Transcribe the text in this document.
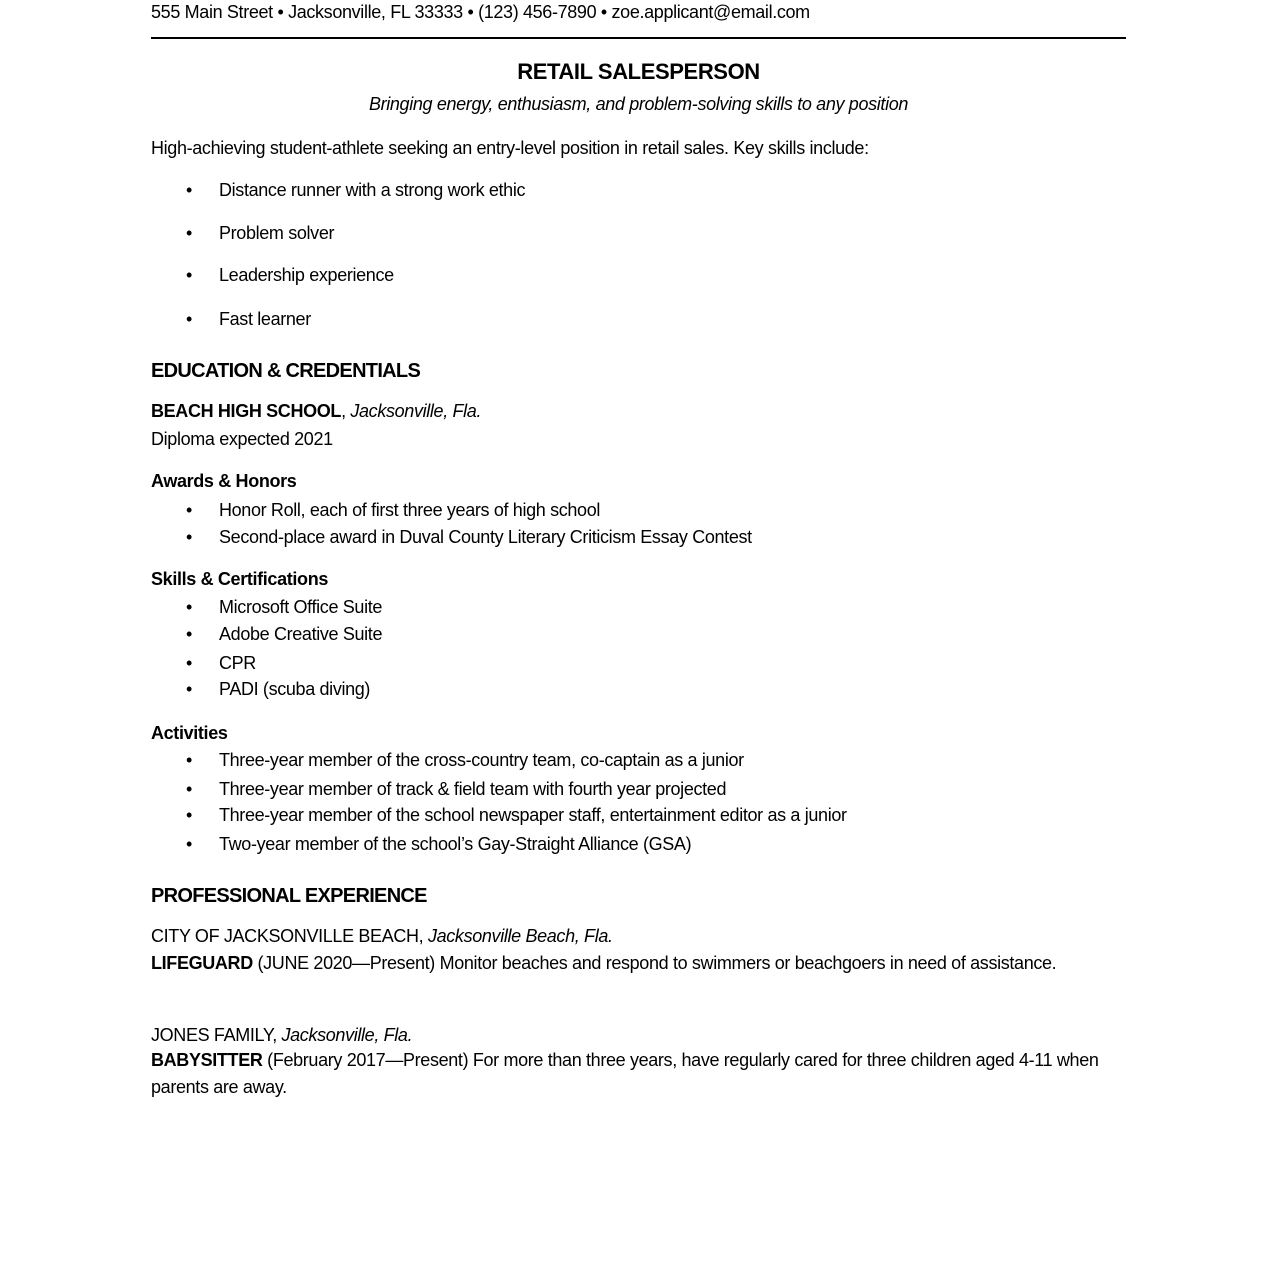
555 Main Street • Jacksonville, FL 33333 • (123) 456-7890 • zoe.applicant@email.com
RETAIL SALESPERSON
Bringing energy, enthusiasm, and problem-solving skills to any position
High-achieving student-athlete seeking an entry-level position in retail sales. Key skills include:
• Distance runner with a strong work ethic
• Problem solver
• Leadership experience
• Fast learner
EDUCATION & CREDENTIALS
BEACH HIGH SCHOOL, Jacksonville, Fla.
Diploma expected 2021
Awards & Honors
• Honor Roll, each of first three years of high school
• Second-place award in Duval County Literary Criticism Essay Contest
Skills & Certifications
• Microsoft Office Suite
• Adobe Creative Suite
• CPR
• PADI (scuba diving)
Activities
• Three-year member of the cross-country team, co-captain as a junior
• Three-year member of track & field team with fourth year projected
• Three-year member of the school newspaper staff, entertainment editor as a junior
• Two-year member of the school’s Gay-Straight Alliance (GSA)
PROFESSIONAL EXPERIENCE
CITY OF JACKSONVILLE BEACH, Jacksonville Beach, Fla.
LIFEGUARD (JUNE 2020—Present) Monitor beaches and respond to swimmers or beachgoers in need of assistance.
JONES FAMILY, Jacksonville, Fla.
BABYSITTER (February 2017—Present) For more than three years, have regularly cared for three children aged 4-11 when parents are away.
